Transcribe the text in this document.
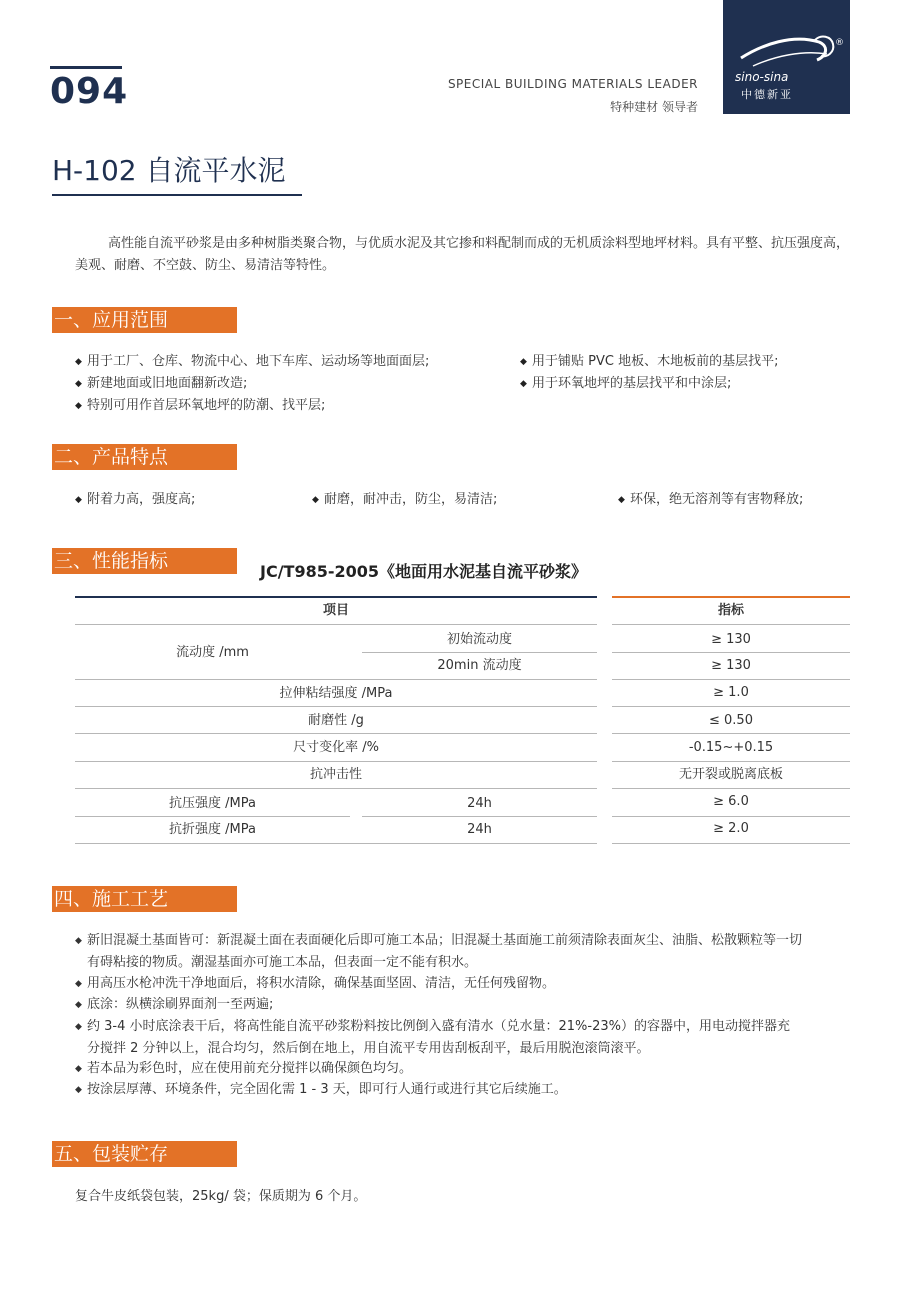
094	SPECIAL BUILDING MATERIALS LEADER
特种建材 领导者
®
sino-sina
中德新亚
H-102 自流平水泥
高性能自流平砂浆是由多种树脂类聚合物，与优质水泥及其它掺和料配制而成的无机质涂料型地坪材料。具有平整、抗压强度高，美观、耐磨、不空鼓、防尘、易清洁等特性。
一、应用范围
◆ 用于工厂、仓库、物流中心、地下车库、运动场等地面面层;
◆ 新建地面或旧地面翻新改造;
◆ 特别可用作首层环氧地坪的防潮、找平层;
◆ 用于铺贴 PVC 地板、木地板前的基层找平;
◆ 用于环氧地坪的基层找平和中涂层;
二、产品特点
◆ 附着力高，强度高;	◆ 耐磨，耐冲击，防尘，易清洁;	◆ 环保，绝无溶剂等有害物释放;
三、性能指标	JC/T985-2005《地面用水泥基自流平砂浆》
项目	指标
流动度 /mm
初始流动度	≥ 130
20min 流动度	≥ 130
拉伸粘结强度 /MPa	≥ 1.0
耐磨性 /g	≤ 0.50
尺寸变化率 /%	-0.15~+0.15
抗冲击性	无开裂或脱离底板
抗压强度 /MPa	24h	≥ 6.0
抗折强度 /MPa	24h	≥ 2.0
四、施工工艺
◆ 新旧混凝土基面皆可：新混凝土面在表面硬化后即可施工本品；旧混凝土基面施工前须清除表面灰尘、油脂、松散颗粒等一切
有碍粘接的物质。潮湿基面亦可施工本品，但表面一定不能有积水。
◆ 用高压水枪冲洗干净地面后，将积水清除，确保基面坚固、清洁，无任何残留物。
◆ 底涂：纵横涂刷界面剂一至两遍;
◆ 约 3-4 小时底涂表干后，将高性能自流平砂浆粉料按比例倒入盛有清水（兑水量：21%-23%）的容器中，用电动搅拌器充
分搅拌 2 分钟以上，混合均匀，然后倒在地上，用自流平专用齿刮板刮平，最后用脱泡滚筒滚平。
◆ 若本品为彩色时，应在使用前充分搅拌以确保颜色均匀。
◆ 按涂层厚薄、环境条件，完全固化需 1 - 3 天，即可行人通行或进行其它后续施工。
五、包装贮存
复合牛皮纸袋包装，25kg/ 袋；保质期为 6 个月。
